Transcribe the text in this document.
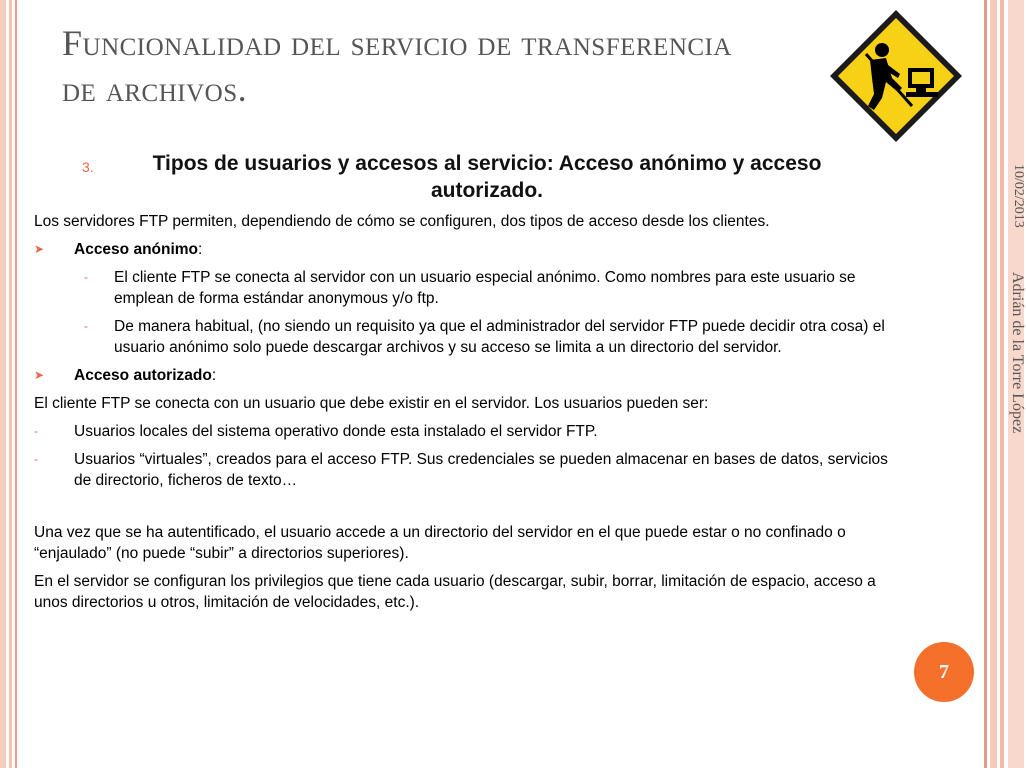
Funcionalidad del servicio de transferencia de archivos.
10/02/2013
Adrián de la Torre López
3.	Tipos de usuarios y accesos al servicio: Acceso anónimo y acceso autorizado.
Los servidores FTP permiten, dependiendo de cómo se configuren, dos tipos de acceso desde los clientes.
➤ Acceso anónimo:
- El cliente FTP se conecta al servidor con un usuario especial anónimo. Como nombres para este usuario se emplean de forma estándar anonymous y/o ftp.
- De manera habitual, (no siendo un requisito ya que el administrador del servidor FTP puede decidir otra cosa) el usuario anónimo solo puede descargar archivos y su acceso se limita a un directorio del servidor.
➤ Acceso autorizado:
El cliente FTP se conecta con un usuario que debe existir en el servidor. Los usuarios pueden ser:
- Usuarios locales del sistema operativo donde esta instalado el servidor FTP.
- Usuarios “virtuales”, creados para el acceso FTP. Sus credenciales se pueden almacenar en bases de datos, servicios de directorio, ficheros de texto…
Una vez que se ha autentificado, el usuario accede a un directorio del servidor en el que puede estar o no confinado o “enjaulado” (no puede “subir” a directorios superiores).
En el servidor se configuran los privilegios que tiene cada usuario (descargar, subir, borrar, limitación de espacio, acceso a unos directorios u otros, limitación de velocidades, etc.).
7
